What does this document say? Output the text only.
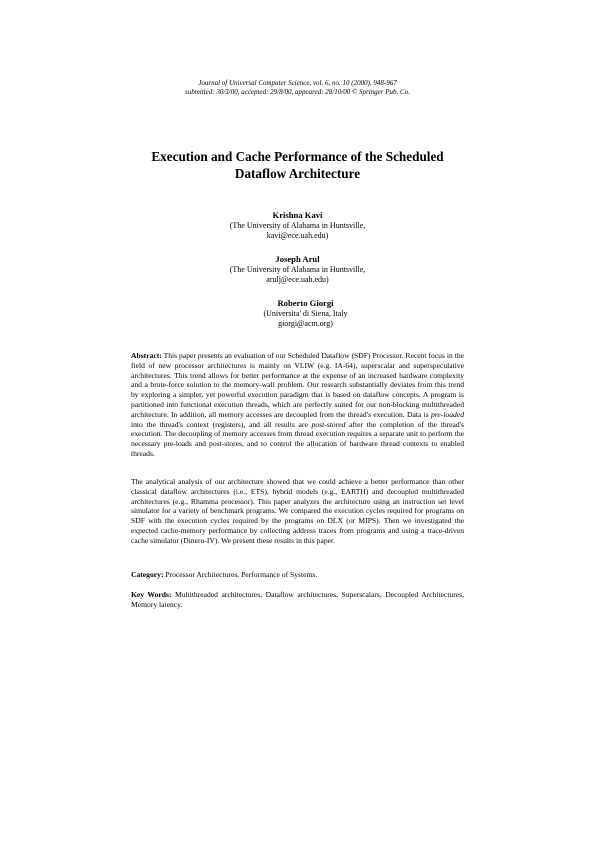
Journal of Universal Computer Science, vol. 6, no. 10 (2000), 948-967
submitted: 30/3/00, accepted: 29/8/00, appeared: 28/10/00 © Springer Pub. Co.
Execution and Cache Performance of the Scheduled
Dataflow Architecture
Krishna Kavi
(The University of Alabama in Huntsville,
kavi@ece.uah.edu)
Joseph Arul
(The University of Alabama in Huntsville,
arulj@ece.uah.edu)
Roberto Giorgi
(Universita' di Siena, Italy
giorgi@acm.org)

Abstract: This paper presents an evaluation of our Scheduled Dataflow (SDF) Processor. Recent focus in the field of new processor architectures is mainly on VLIW (e.g. IA-64), superscalar and superspeculative architectures. This trend allows for better performance at the expense of an increased hardware complexity and a brute-force solution to the memory-wall problem. Our research substantially deviates from this trend by exploring a simpler, yet powerful execution paradigm that is based on dataflow concepts. A program is partitioned into functional execution threads, which are perfectly suited for our non-blocking multithreaded architecture. In addition, all memory accesses are decoupled from the thread's execution. Data is pre-loaded into the thread's context (registers), and all results are post-stored after the completion of the thread's execution. The decoupling of memory accesses from thread execution requires a separate unit to perform the necessary pre-loads and post-stores, and to control the allocation of hardware thread contexts to enabled threads.

The analytical analysis of our architecture showed that we could achieve a better performance than other classical dataflow architectures (i.e., ETS), hybrid models (e.g., EARTH) and decoupled multithreaded architectures (e.g., Rhamma processor). This paper analyzes the architecture using an instruction set level simulator for a variety of benchmark programs. We compared the execution cycles required for programs on SDF with the execution cycles required by the programs on DLX (or MIPS). Then we investigated the expected cache-memory performance by collecting address traces from programs and using a trace-driven cache simulator (Dinero-IV). We present these results in this paper.

Category: Processor Architectures, Performance of Systems.

Key Words: Multithreaded architectures, Dataflow architectures, Superscalars, Decoupled Architectures, Memory latency.
